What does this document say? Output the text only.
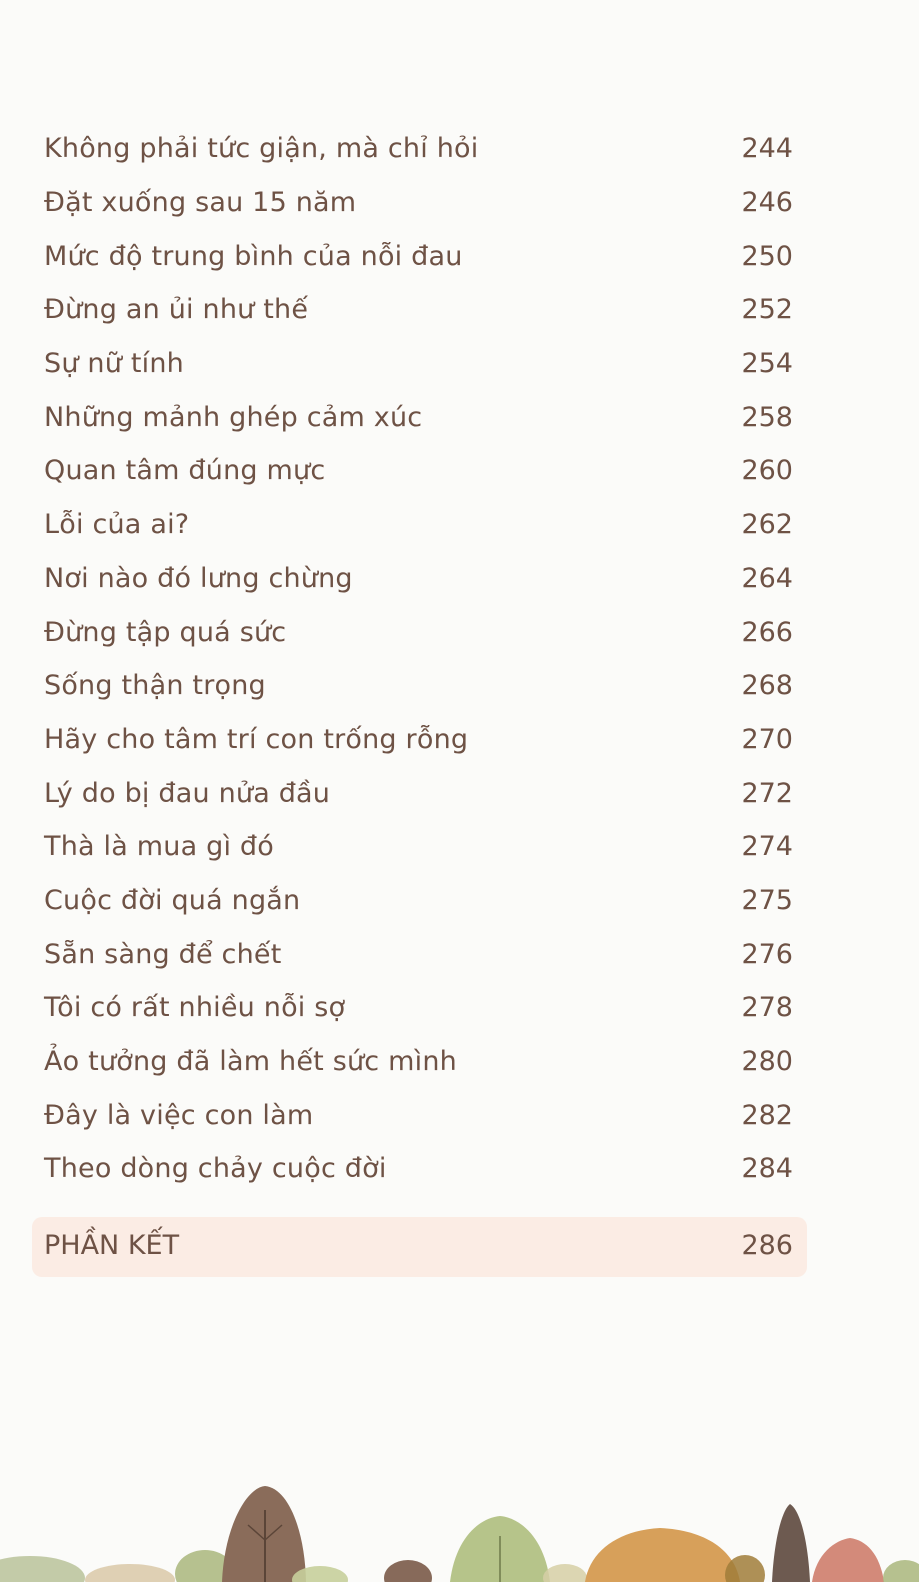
Không phải tức giận, mà chỉ hỏi	244
Đặt xuống sau 15 năm	246
Mức độ trung bình của nỗi đau	250
Đừng an ủi như thế	252
Sự nữ tính	254
Những mảnh ghép cảm xúc	258
Quan tâm đúng mực	260
Lỗi của ai?	262
Nơi nào đó lưng chừng	264
Đừng tập quá sức	266
Sống thận trọng	268
Hãy cho tâm trí con trống rỗng	270
Lý do bị đau nửa đầu	272
Thà là mua gì đó	274
Cuộc đời quá ngắn	275
Sẵn sàng để chết	276
Tôi có rất nhiều nỗi sợ	278
Ảo tưởng đã làm hết sức mình	280
Đây là việc con làm	282
Theo dòng chảy cuộc đời	284
PHẦN KẾT	286
